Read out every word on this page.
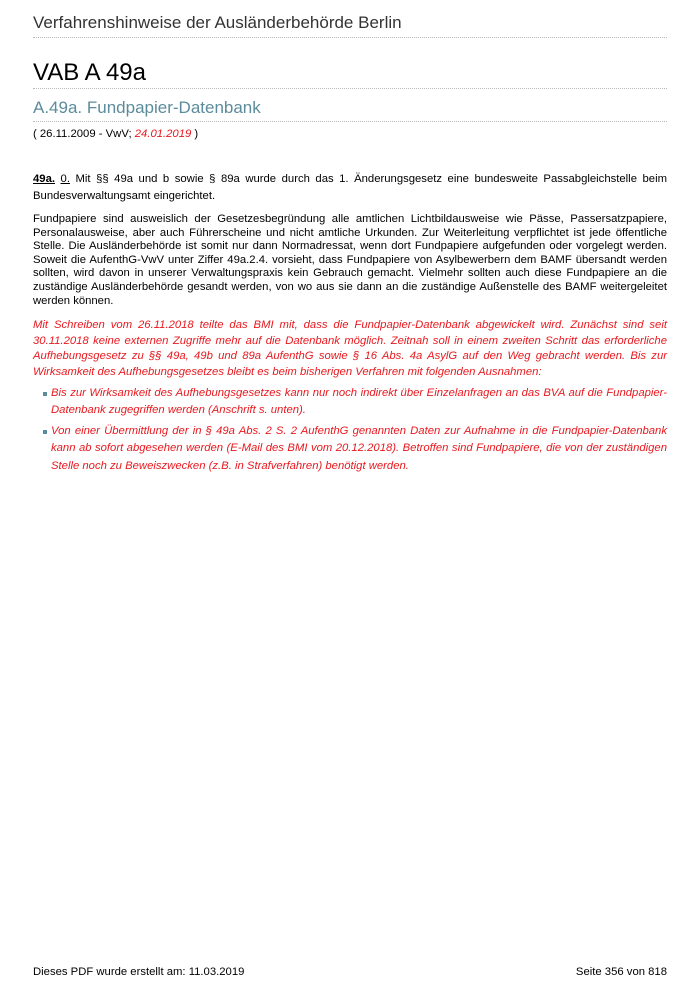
Verfahrenshinweise der Ausländerbehörde Berlin
VAB A 49a
A.49a. Fundpapier-Datenbank
( 26.11.2009 - VwV; 24.01.2019 )

49a. 0. Mit §§ 49a und b sowie § 89a wurde durch das 1. Änderungsgesetz eine bundesweite Passabgleichstelle beim Bundesverwaltungsamt eingerichtet.

Fundpapiere sind ausweislich der Gesetzesbegründung alle amtlichen Lichtbildausweise wie Pässe, Passersatzpapiere, Personalausweise, aber auch Führerscheine und nicht amtliche Urkunden. Zur Weiterleitung verpflichtet ist jede öffentliche Stelle. Die Ausländerbehörde ist somit nur dann Normadressat, wenn dort Fundpapiere aufgefunden oder vorgelegt werden. Soweit die AufenthG-VwV unter Ziffer 49a.2.4. vorsieht, dass Fundpapiere von Asylbewerbern dem BAMF übersandt werden sollten, wird davon in unserer Verwaltungspraxis kein Gebrauch gemacht. Vielmehr sollten auch diese Fundpapiere an die zuständige Ausländerbehörde gesandt werden, von wo aus sie dann an die zuständige Außenstelle des BAMF weitergeleitet werden können.

Mit Schreiben vom 26.11.2018 teilte das BMI mit, dass die Fundpapier-Datenbank abgewickelt wird. Zunächst sind seit 30.11.2018 keine externen Zugriffe mehr auf die Datenbank möglich. Zeitnah soll in einem zweiten Schritt das erforderliche Aufhebungsgesetz zu §§ 49a, 49b und 89a AufenthG sowie § 16 Abs. 4a AsylG auf den Weg gebracht werden. Bis zur Wirksamkeit des Aufhebungsgesetzes bleibt es beim bisherigen Verfahren mit folgenden Ausnahmen:

Bis zur Wirksamkeit des Aufhebungsgesetzes kann nur noch indirekt über Einzelanfragen an das BVA auf die Fundpapier-Datenbank zugegriffen werden (Anschrift s. unten).
Von einer Übermittlung der in § 49a Abs. 2 S. 2 AufenthG genannten Daten zur Aufnahme in die Fundpapier-Datenbank kann ab sofort abgesehen werden (E-Mail des BMI vom 20.12.2018). Betroffen sind Fundpapiere, die von der zuständigen Stelle noch zu Beweiszwecken (z.B. in Strafverfahren) benötigt werden.
Dieses PDF wurde erstellt am: 11.03.2019	Seite 356 von 818
